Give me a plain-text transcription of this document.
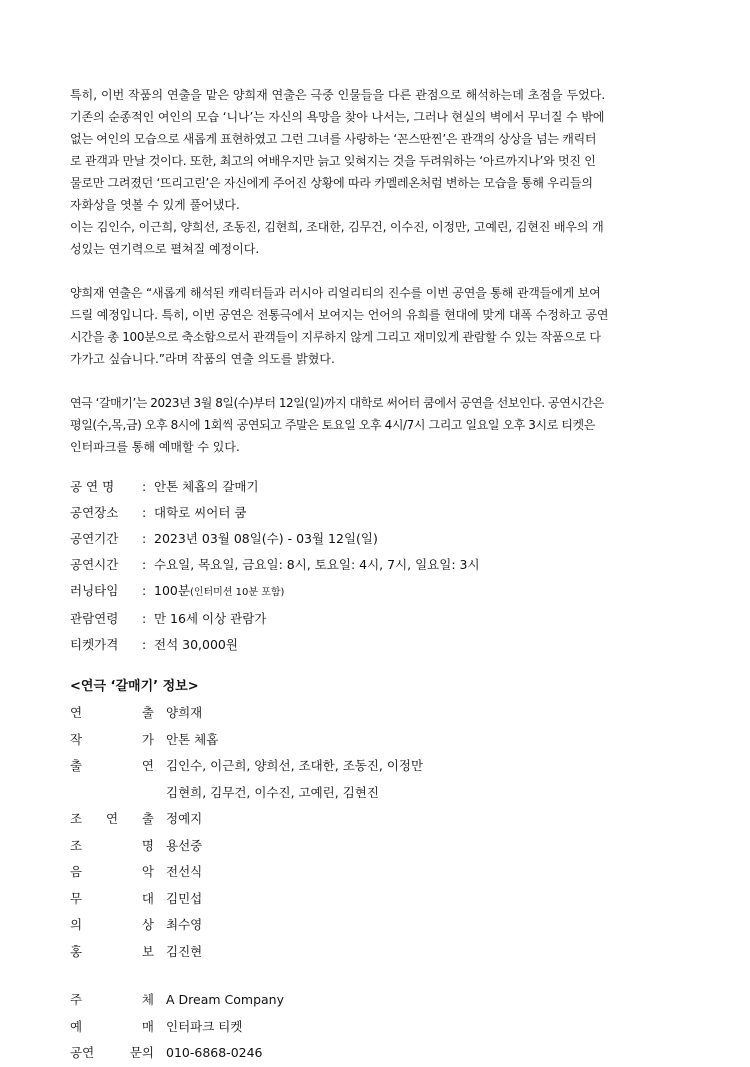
특히, 이번 작품의 연출을 맡은 양희재 연출은 극중 인물들을 다른 관점으로 해석하는데 초점을 두었다.
기존의 순종적인 여인의 모습 ‘니나’는 자신의 욕망을 찾아 나서는, 그러나 현실의 벽에서 무너질 수 밖에
없는 여인의 모습으로 새롭게 표현하였고 그런 그녀를 사랑하는 ‘꼰스딴찐’은 관객의 상상을 넘는 캐릭터
로 관객과 만날 것이다. 또한, 최고의 여배우지만 늙고 잊혀지는 것을 두려워하는 ‘아르까지나’와 멋진 인
물로만 그려졌던 ‘뜨리고린’은 자신에게 주어진 상황에 따라 카멜레온처럼 변하는 모습을 통해 우리들의
자화상을 엿볼 수 있게 풀어냈다.

이는 김인수, 이근희, 양희선, 조동진, 김현희, 조대한, 김무건, 이수진, 이정만, 고예린, 김현진 배우의 개
성있는 연기력으로 펼쳐질 예정이다.

양희재 연출은 “새롭게 해석된 캐릭터들과 러시아 리얼리티의 진수를 이번 공연을 통해 관객들에게 보여
드릴 예정입니다. 특히, 이번 공연은 전통극에서 보여지는 언어의 유희를 현대에 맞게 대폭 수정하고 공연
시간을 총 100분으로 축소함으로서 관객들이 지루하지 않게 그리고 재미있게 관람할 수 있는 작품으로 다
가가고 싶습니다.”라며 작품의 연출 의도를 밝혔다.

연극 ‘갈매기’는 2023년 3월 8일(수)부터 12일(일)까지 대학로 써어터 쿰에서 공연을 선보인다. 공연시간은
평일(수,목,금) 오후 8시에 1회씩 공연되고 주말은 토요일 오후 4시/7시 그리고 일요일 오후 3시로 티켓은
인터파크를 통해 예매할 수 있다.

공 연 명 : 안톤 체홉의 갈매기
공연장소 : 대학로 씨어터 쿰
공연기간 : 2023년 03월 08일(수) - 03월 12일(일)
공연시간 : 수요일, 목요일, 금요일: 8시, 토요일: 4시, 7시, 일요일: 3시
러닝타임 : 100분(인터미션 10분 포함)
관람연령 : 만 16세 이상 관람가
티켓가격 : 전석 30,000원
<연극 ‘갈매기’ 정보>
연	출 양희재
작	가 안톤 체홉
출	연 김인수, 이근희, 양희선, 조대한, 조동진, 이정만
김현희, 김무건, 이수진, 고예린, 김현진
조 연 출 정예지
조	명 용선중
음	악 전선식
무	대 김민섭
의	상 최수영
홍	보 김진현
주	체 A Dream Company
예	매 인터파크 티켓
공연	문의 010-6868-0246
